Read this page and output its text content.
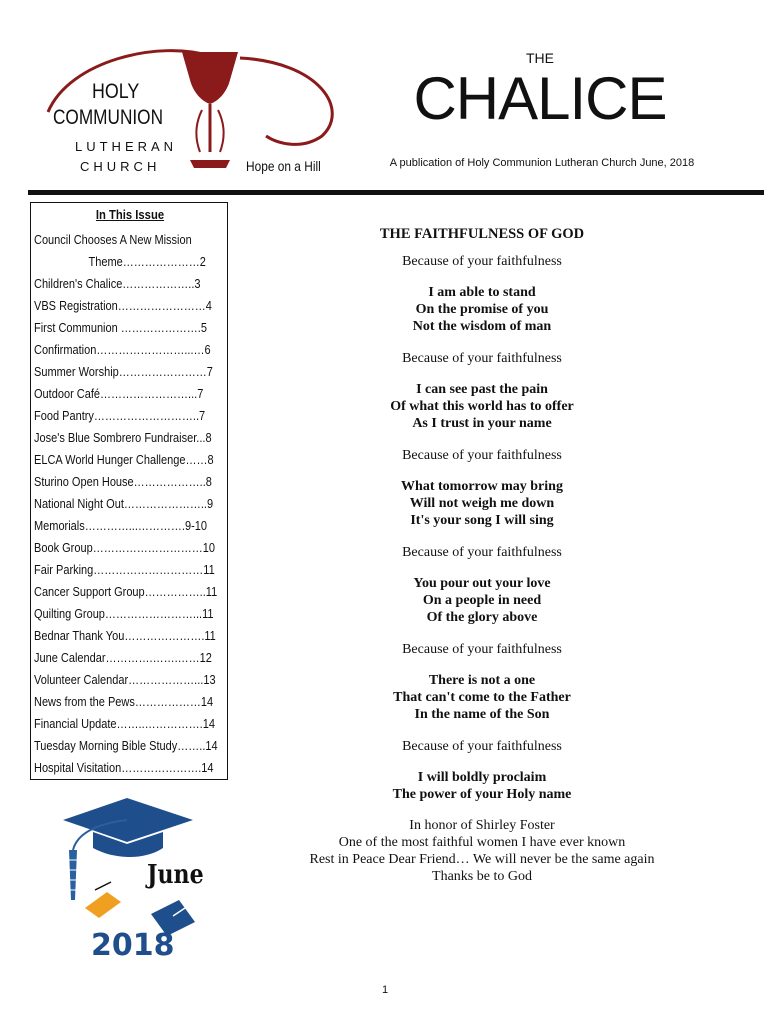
HOLY
COMMUNION
LUTHERAN
CHURCH	Hope on a Hill
THE
CHALICE
A publication of Holy Communion Lutheran Church June, 2018
In This Issue
Council Chooses A New Mission
Theme…………………2
Children's Chalice………………..3
VBS Registration……………………4
First Communion ………………….5
Confirmation……………………...…6
Summer Worship……………………7
Outdoor Café……………………...7
Food Pantry………………………..7
Jose's Blue Sombrero Fundraiser...8
ELCA World Hunger Challenge……8
Sturino Open House………………..8
National Night Out…………………..9
Memorials…………...………….9-10
Book Group…………………………10
Fair Parking…………………………11
Cancer Support Group……………..11
Quilting Group……………………...11
Bednar Thank You………………….11
June Calendar………….…….……12
Volunteer Calendar………………...13
News from the Pews………………14
Financial Update……..…………….14
Tuesday Morning Bible Study……..14
Hospital Visitation………………….14
June
2018
THE FAITHFULNESS OF GOD
Because of your faithfulness
I am able to stand
On the promise of you
Not the wisdom of man
Because of your faithfulness
I can see past the pain
Of what this world has to offer
As I trust in your name
Because of your faithfulness
What tomorrow may bring
Will not weigh me down
It's your song I will sing
Because of your faithfulness
You pour out your love
On a people in need
Of the glory above
Because of your faithfulness
There is not a one
That can't come to the Father
In the name of the Son
Because of your faithfulness
I will boldly proclaim
The power of your Holy name
In honor of Shirley Foster
One of the most faithful women I have ever known
Rest in Peace Dear Friend… We will never be the same again
Thanks be to God
1
